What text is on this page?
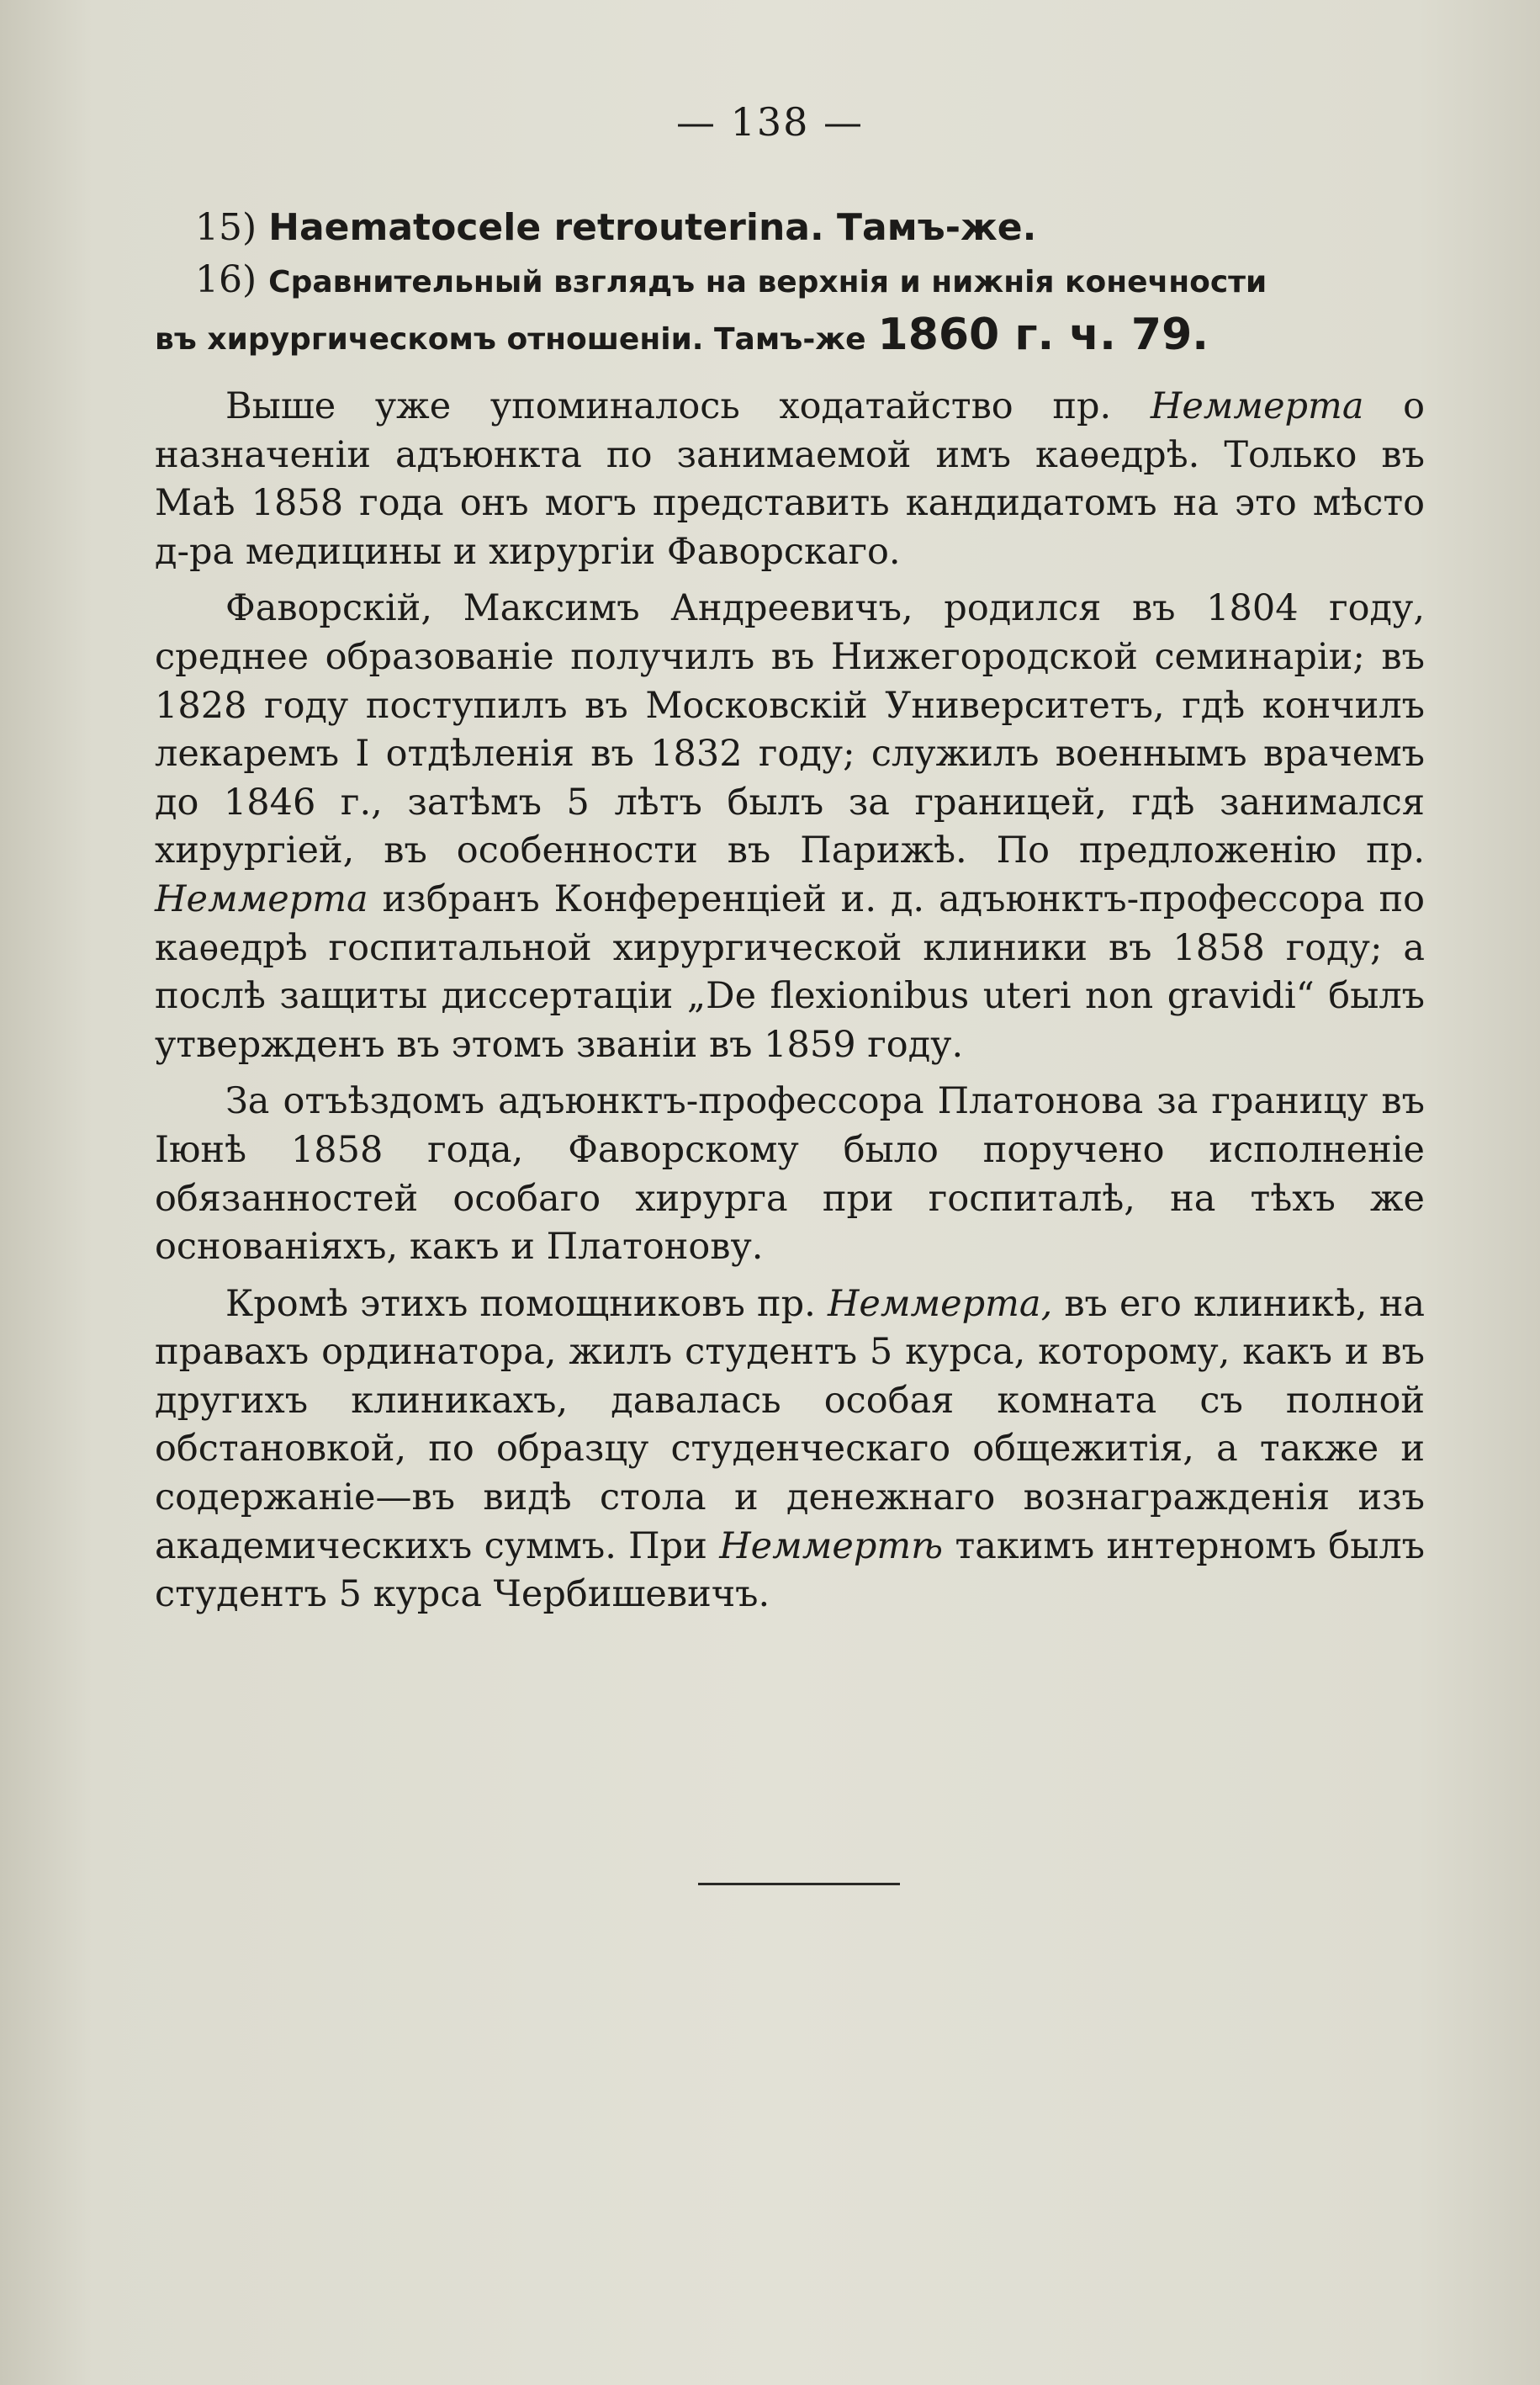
— 138 —

15) Haematocele retrouterina. Тамъ-же.

16) Сравнительный взглядъ на верхнія и нижнія конечности

въ хирургическомъ отношеніи. Тамъ-же 1860 г. ч. 79.

Выше уже упоминалось ходатайство пр. Неммерта о назначеніи адъюнкта по занимаемой имъ каѳедрѣ. Только въ Маѣ 1858 года онъ могъ представить кандидатомъ на это мѣсто д-ра медицины и хирургіи Фаворскаго.

Фаворскій, Максимъ Андреевичъ, родился въ 1804 году, среднее образованіе получилъ въ Нижегородской семинаріи; въ 1828 году поступилъ въ Московскій Университетъ, гдѣ кончилъ лекаремъ I отдѣленія въ 1832 году; служилъ военнымъ врачемъ до 1846 г., затѣмъ 5 лѣтъ былъ за границей, гдѣ занимался хирургіей, въ особенности въ Парижѣ. По предложенію пр. Неммерта избранъ Конференціей и. д. адъюнктъ-профессора по каѳедрѣ госпитальной хирургической клиники въ 1858 году; а послѣ защиты диссертаціи „De flexionibus uteri non gravidi“ былъ утвержденъ въ этомъ званіи въ 1859 году.

За отъѣздомъ адъюнктъ-профессора Платонова за границу въ Іюнѣ 1858 года, Фаворскому было поручено исполненіе обязанностей особаго хирурга при госпиталѣ, на тѣхъ же основаніяхъ, какъ и Платонову.

Кромѣ этихъ помощниковъ пр. Неммерта, въ его клиникѣ, на правахъ ординатора, жилъ студентъ 5 курса, которому, какъ и въ другихъ клиникахъ, давалась особая комната съ полной обстановкой, по образцу студенческаго общежитія, а также и содержаніе—въ видѣ стола и денежнаго вознагражденія изъ академическихъ суммъ. При Неммертѣ такимъ интерномъ былъ студентъ 5 курса Чербишевичъ.
